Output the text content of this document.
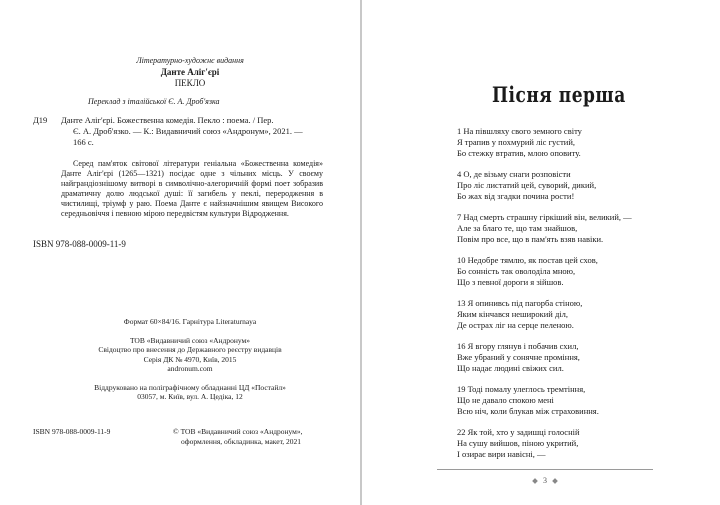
Літературно-художнє видання
Данте Аліг'єрі
ПЕКЛО
Переклад з італійської Є. А. Дроб'язка
Д19 Данте Аліг'єрі. Божественна комедія. Пекло : поема. / Пер.
Є. А. Дроб'язко. — К.: Видавничий союз «Андронум», 2021. —
166 с.
Серед пам'яток світової літератури геніальна «Божественна комедія» Данте Аліг'єрі (1265—1321) посідає одне з чільних місць. У своєму найграндіознішому витворі в символічно-алегоричній формі поет зобразив драматичну долю людської душі: її загибель у пеклі, переродження в чистилищі, тріумф у раю. Поема Данте є найзначнішим явищем Високого середньовіччя і певною мірою передвістям культури Відродження.
ISBN 978-088-0009-11-9

Формат 60×84/16. Гарнітура Literaturnaya

ТОВ «Видавничий союз «Андронум»

Свідоцтво про внесення до Державного реєстру видавців

Серія ДК № 4970, Київ, 2015

andronum.com

Віддруковано на поліграфічному обладнанні ЦД «Постайл»

03057, м. Київ, вул. А. Цедіка, 12

ISBN 978-088-0009-11-9	© ТОВ «Видавничий союз «Андронум»,
оформлення, обкладинка, макет, 2021
Пісня перша
1 На півшляху свого земного світу
Я трапив у похмурий ліс густий,
Бо стежку втратив, млою оповиту.
4 О, де візьму снаги розповісти
Про ліс листатий цей, суворий, дикий,
Бо жах від згадки починa рости!
7 Над смерть страшну гіркіший він, великий, —
Але за благо те, що там знайшов,
Повім про все, що в пам'ять взяв навіки.
10 Недобре тямлю, як постав цей схов,
Бо сонність так оволоділа мною,
Що з певної дороги я зійшов.
13 Я опинивсь під пагорба стіною,
Яким кінчався неширокий діл,
Де острах ліг на серце пеленою.
16 Я вгору глянув і побачив схил,
Вже убраний у сонячне проміння,
Що надає людині свіжих сил.
19 Тоді помалу улеглось тремтіння,
Що не давало спокою мені
Всю ніч, коли блукав між страховиння.
22 Як той, хто у задишці голосній
На сушу вийшов, піною укритий,
І озирає вири навісні, —
3
